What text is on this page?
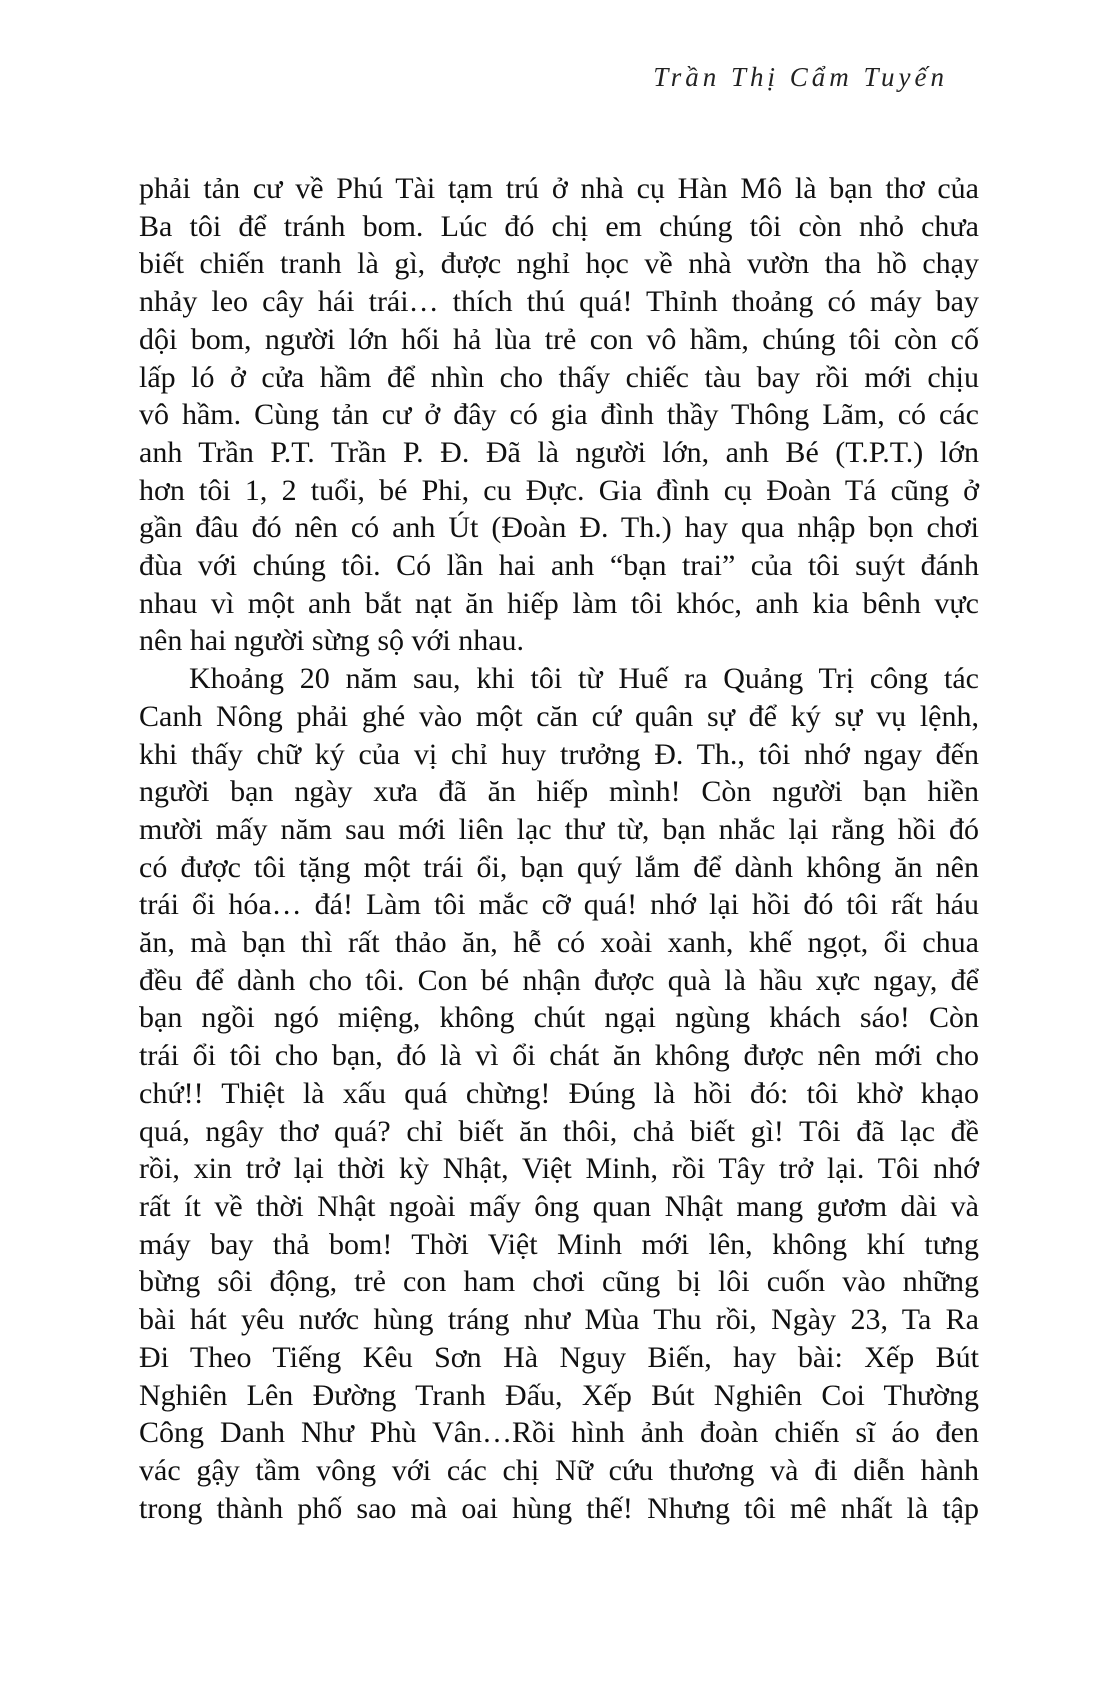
Trần Thị Cẩm Tuyến
phải tản cư về Phú Tài tạm trú ở nhà cụ Hàn Mô là bạn thơ của
Ba tôi để tránh bom. Lúc đó chị em chúng tôi còn nhỏ chưa
biết chiến tranh là gì, được nghỉ học về nhà vườn tha hồ chạy
nhảy leo cây hái trái… thích thú quá! Thỉnh thoảng có máy bay
dội bom, người lớn hối hả lùa trẻ con vô hầm, chúng tôi còn cố
lấp ló ở cửa hầm để nhìn cho thấy chiếc tàu bay rồi mới chịu
vô hầm. Cùng tản cư ở đây có gia đình thầy Thông Lãm, có các
anh Trần P.T. Trần P. Đ. Đã là người lớn, anh Bé (T.P.T.) lớn
hơn tôi 1, 2 tuổi, bé Phi, cu Đực. Gia đình cụ Đoàn Tá cũng ở
gần đâu đó nên có anh Út (Đoàn Đ. Th.) hay qua nhập bọn chơi
đùa với chúng tôi. Có lần hai anh “bạn trai” của tôi suýt đánh
nhau vì một anh bắt nạt ăn hiếp làm tôi khóc, anh kia bênh vực
nên hai người sừng sộ với nhau.
Khoảng 20 năm sau, khi tôi từ Huế ra Quảng Trị công tác
Canh Nông phải ghé vào một căn cứ quân sự để ký sự vụ lệnh,
khi thấy chữ ký của vị chỉ huy trưởng Đ. Th., tôi nhớ ngay đến
người bạn ngày xưa đã ăn hiếp mình! Còn người bạn hiền
mười mấy năm sau mới liên lạc thư từ, bạn nhắc lại rằng hồi đó
có được tôi tặng một trái ổi, bạn quý lắm để dành không ăn nên
trái ổi hóa… đá! Làm tôi mắc cỡ quá! nhớ lại hồi đó tôi rất háu
ăn, mà bạn thì rất thảo ăn, hễ có xoài xanh, khế ngọt, ổi chua
đều để dành cho tôi. Con bé nhận được quà là hầu xực ngay, để
bạn ngồi ngó miệng, không chút ngại ngùng khách sáo! Còn
trái ổi tôi cho bạn, đó là vì ổi chát ăn không được nên mới cho
chứ!! Thiệt là xấu quá chừng! Đúng là hồi đó: tôi khờ khạo
quá, ngây thơ quá? chỉ biết ăn thôi, chả biết gì! Tôi đã lạc đề
rồi, xin trở lại thời kỳ Nhật, Việt Minh, rồi Tây trở lại. Tôi nhớ
rất ít về thời Nhật ngoài mấy ông quan Nhật mang gươm dài và
máy bay thả bom! Thời Việt Minh mới lên, không khí tưng
bừng sôi động, trẻ con ham chơi cũng bị lôi cuốn vào những
bài hát yêu nước hùng tráng như Mùa Thu rồi, Ngày 23, Ta Ra
Đi Theo Tiếng Kêu Sơn Hà Nguy Biến, hay bài: Xếp Bút
Nghiên Lên Đường Tranh Đấu, Xếp Bút Nghiên Coi Thường
Công Danh Như Phù Vân…Rồi hình ảnh đoàn chiến sĩ áo đen
vác gậy tầm vông với các chị Nữ cứu thương và đi diễn hành
trong thành phố sao mà oai hùng thế! Nhưng tôi mê nhất là tập
